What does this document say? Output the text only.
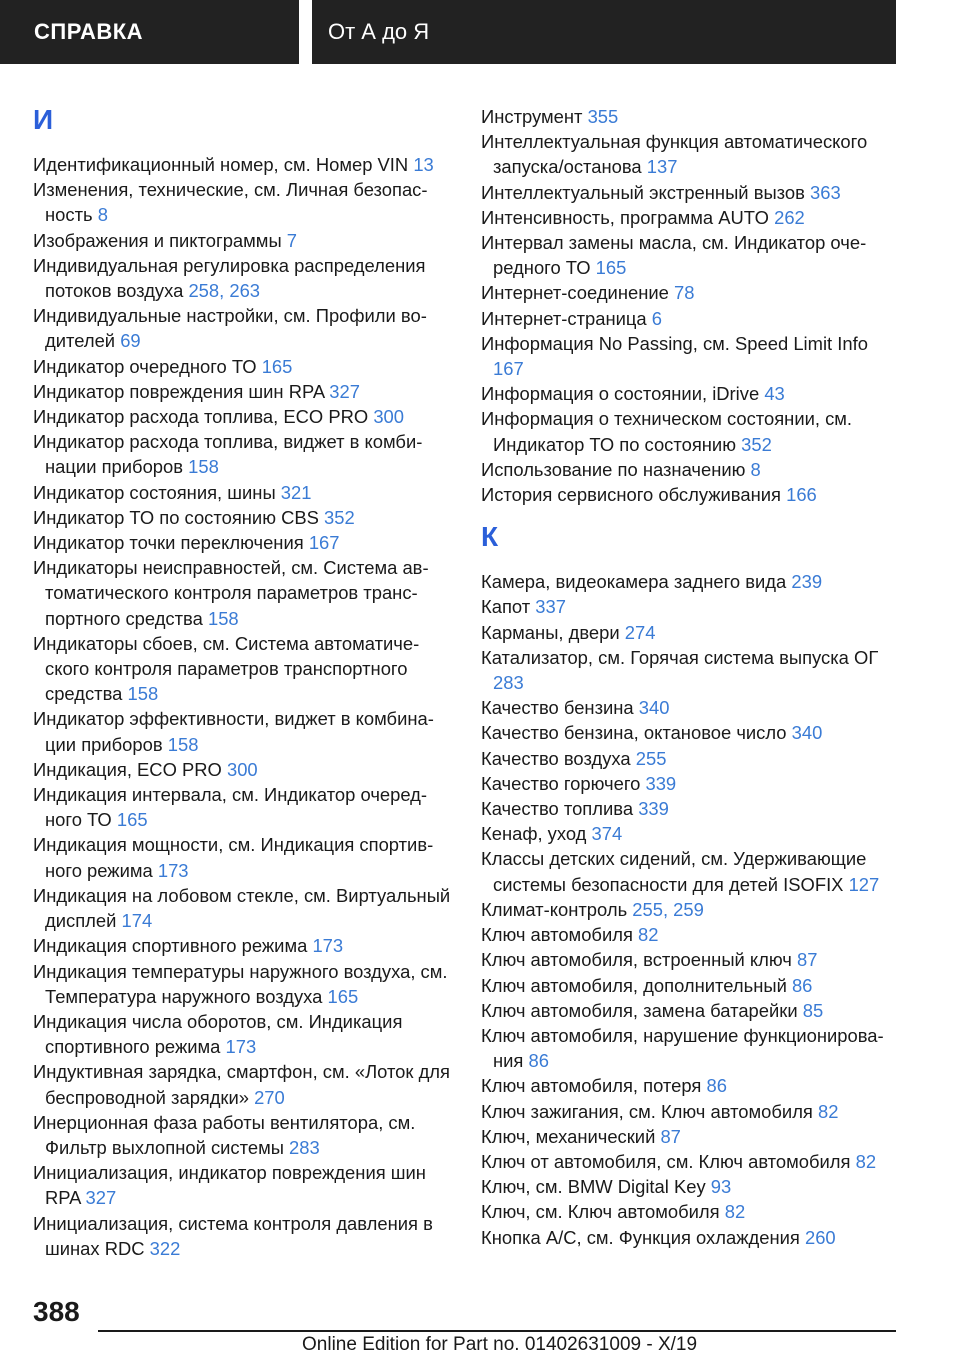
СПРАВКА	От А до Я
И
Идентификационный номер, см. Номер VIN 13
Изменения, технические, см. Личная безопасность 8
Изображения и пиктограммы 7
Индивидуальная регулировка распределения потоков воздуха 258, 263
Индивидуальные настройки, см. Профили водителей 69
Индикатор очередного ТО 165
Индикатор повреждения шин RPA 327
Индикатор расхода топлива, ECO PRO 300
Индикатор расхода топлива, виджет в комбинации приборов 158
Индикатор состояния, шины 321
Индикатор ТО по состоянию CBS 352
Индикатор точки переключения 167
Индикаторы неисправностей, см. Система автоматического контроля параметров транспортного средства 158
Индикаторы сбоев, см. Система автоматического контроля параметров транспортного средства 158
Индикатор эффективности, виджет в комбинации приборов 158
Индикация, ECO PRO 300
Индикация интервала, см. Индикатор очередного ТО 165
Индикация мощности, см. Индикация спортивного режима 173
Индикация на лобовом стекле, см. Виртуальный дисплей 174
Индикация спортивного режима 173
Индикация температуры наружного воздуха, см. Температура наружного воздуха 165
Индикация числа оборотов, см. Индикация спортивного режима 173
Индуктивная зарядка, смартфон, см. «Лоток для беспроводной зарядки» 270
Инерционная фаза работы вентилятора, см. Фильтр выхлопной системы 283
Инициализация, индикатор повреждения шин RPA 327
Инициализация, система контроля давления в шинах RDC 322
Инструмент 355
Интеллектуальная функция автоматического запуска/останова 137
Интеллектуальный экстренный вызов 363
Интенсивность, программа AUTO 262
Интервал замены масла, см. Индикатор очередного ТО 165
Интернет-соединение 78
Интернет-страница 6
Информация No Passing, см. Speed Limit Info 167
Информация о состоянии, iDrive 43
Информация о техническом состоянии, см. Индикатор ТО по состоянию 352
Использование по назначению 8
История сервисного обслуживания 166
К
Камера, видеокамера заднего вида 239
Капот 337
Карманы, двери 274
Катализатор, см. Горячая система выпуска ОГ 283
Качество бензина 340
Качество бензина, октановое число 340
Качество воздуха 255
Качество горючего 339
Качество топлива 339
Кенаф, уход 374
Классы детских сидений, см. Удерживающие системы безопасности для детей ISOFIX 127
Климат-контроль 255, 259
Ключ автомобиля 82
Ключ автомобиля, встроенный ключ 87
Ключ автомобиля, дополнительный 86
Ключ автомобиля, замена батарейки 85
Ключ автомобиля, нарушение функционирования 86
Ключ автомобиля, потеря 86
Ключ зажигания, см. Ключ автомобиля 82
Ключ, механический 87
Ключ от автомобиля, см. Ключ автомобиля 82
Ключ, см. BMW Digital Key 93
Ключ, см. Ключ автомобиля 82
Кнопка A/C, см. Функция охлаждения 260
388
Online Edition for Part no. 01402631009 - X/19
